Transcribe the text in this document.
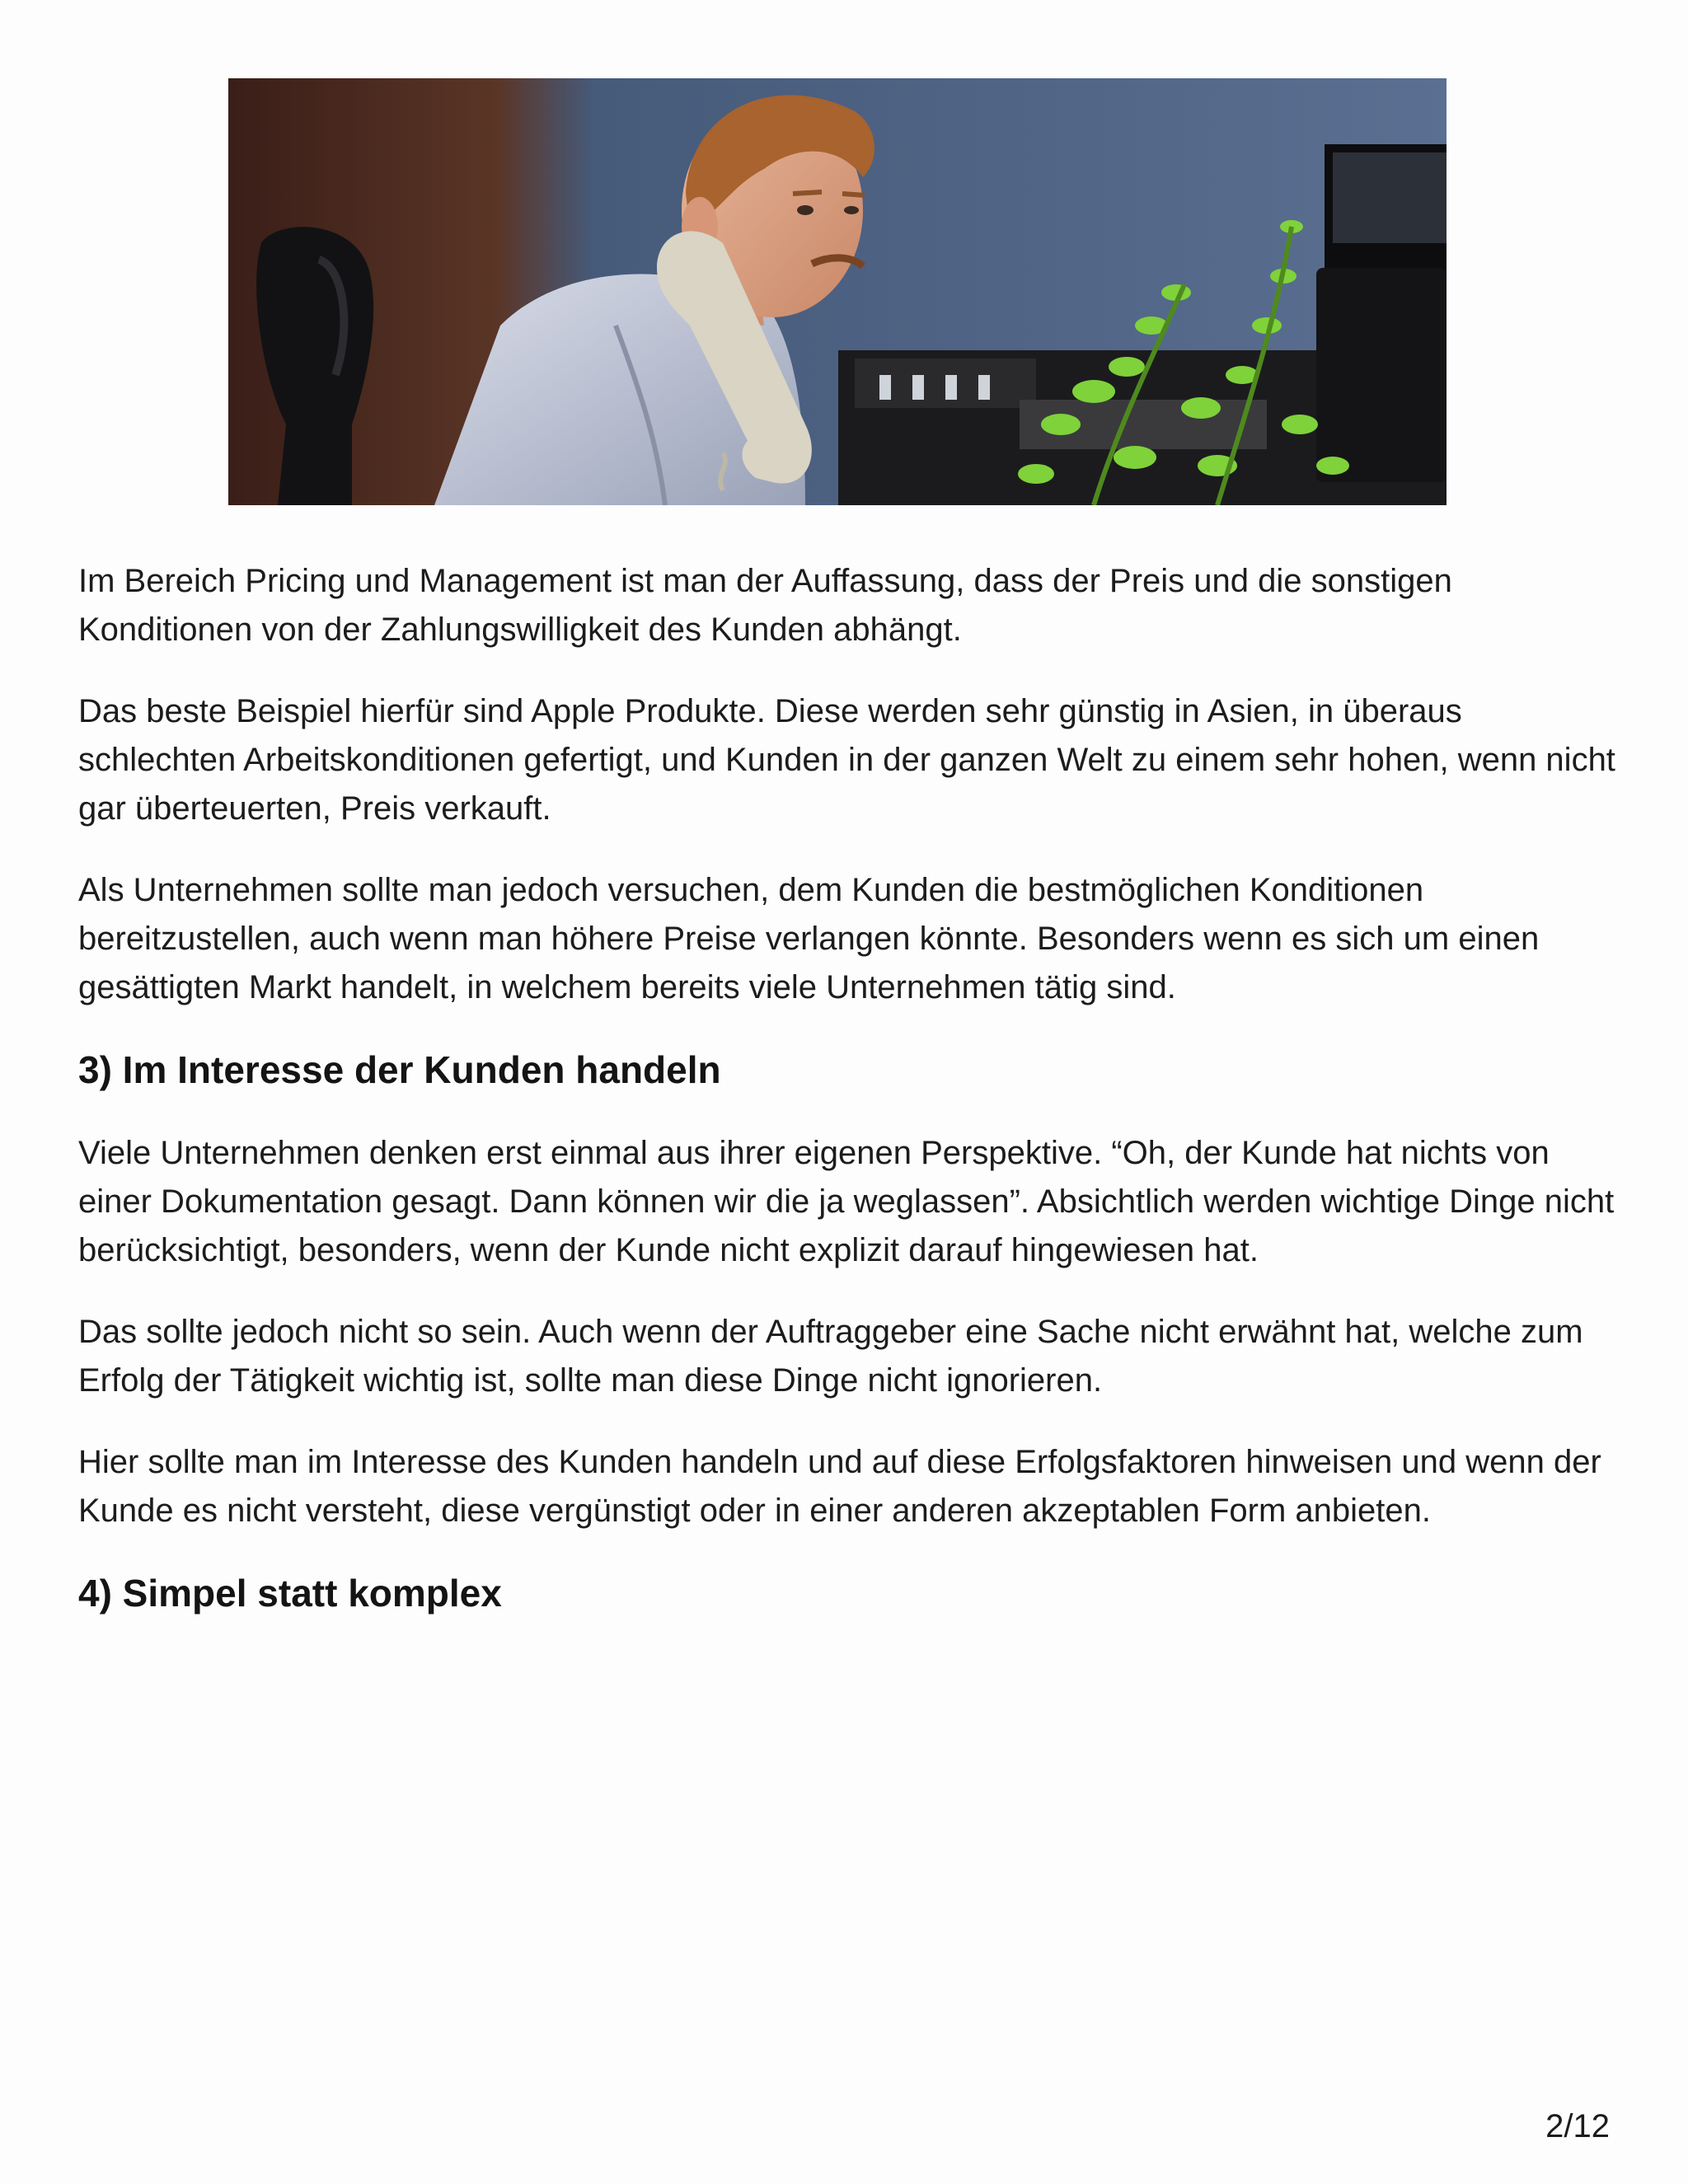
Im Bereich Pricing und Management ist man der Auffassung, dass der Preis und die sonstigen Konditionen von der Zahlungswilligkeit des Kunden abhängt.

Das beste Beispiel hierfür sind Apple Produkte. Diese werden sehr günstig in Asien, in überaus schlechten Arbeitskonditionen gefertigt, und Kunden in der ganzen Welt zu einem sehr hohen, wenn nicht gar überteuerten, Preis verkauft.

Als Unternehmen sollte man jedoch versuchen, dem Kunden die bestmöglichen Konditionen bereitzustellen, auch wenn man höhere Preise verlangen könnte. Besonders wenn es sich um einen gesättigten Markt handelt, in welchem bereits viele Unternehmen tätig sind.

3) Im Interesse der Kunden handeln

Viele Unternehmen denken erst einmal aus ihrer eigenen Perspektive. “Oh, der Kunde hat nichts von einer Dokumentation gesagt. Dann können wir die ja weglassen”. Absichtlich werden wichtige Dinge nicht berücksichtigt, besonders, wenn der Kunde nicht explizit darauf hingewiesen hat.

Das sollte jedoch nicht so sein. Auch wenn der Auftraggeber eine Sache nicht erwähnt hat, welche zum Erfolg der Tätigkeit wichtig ist, sollte man diese Dinge nicht ignorieren.

Hier sollte man im Interesse des Kunden handeln und auf diese Erfolgsfaktoren hinweisen und wenn der Kunde es nicht versteht, diese vergünstigt oder in einer anderen akzeptablen Form anbieten.

4) Simpel statt komplex
2/12
